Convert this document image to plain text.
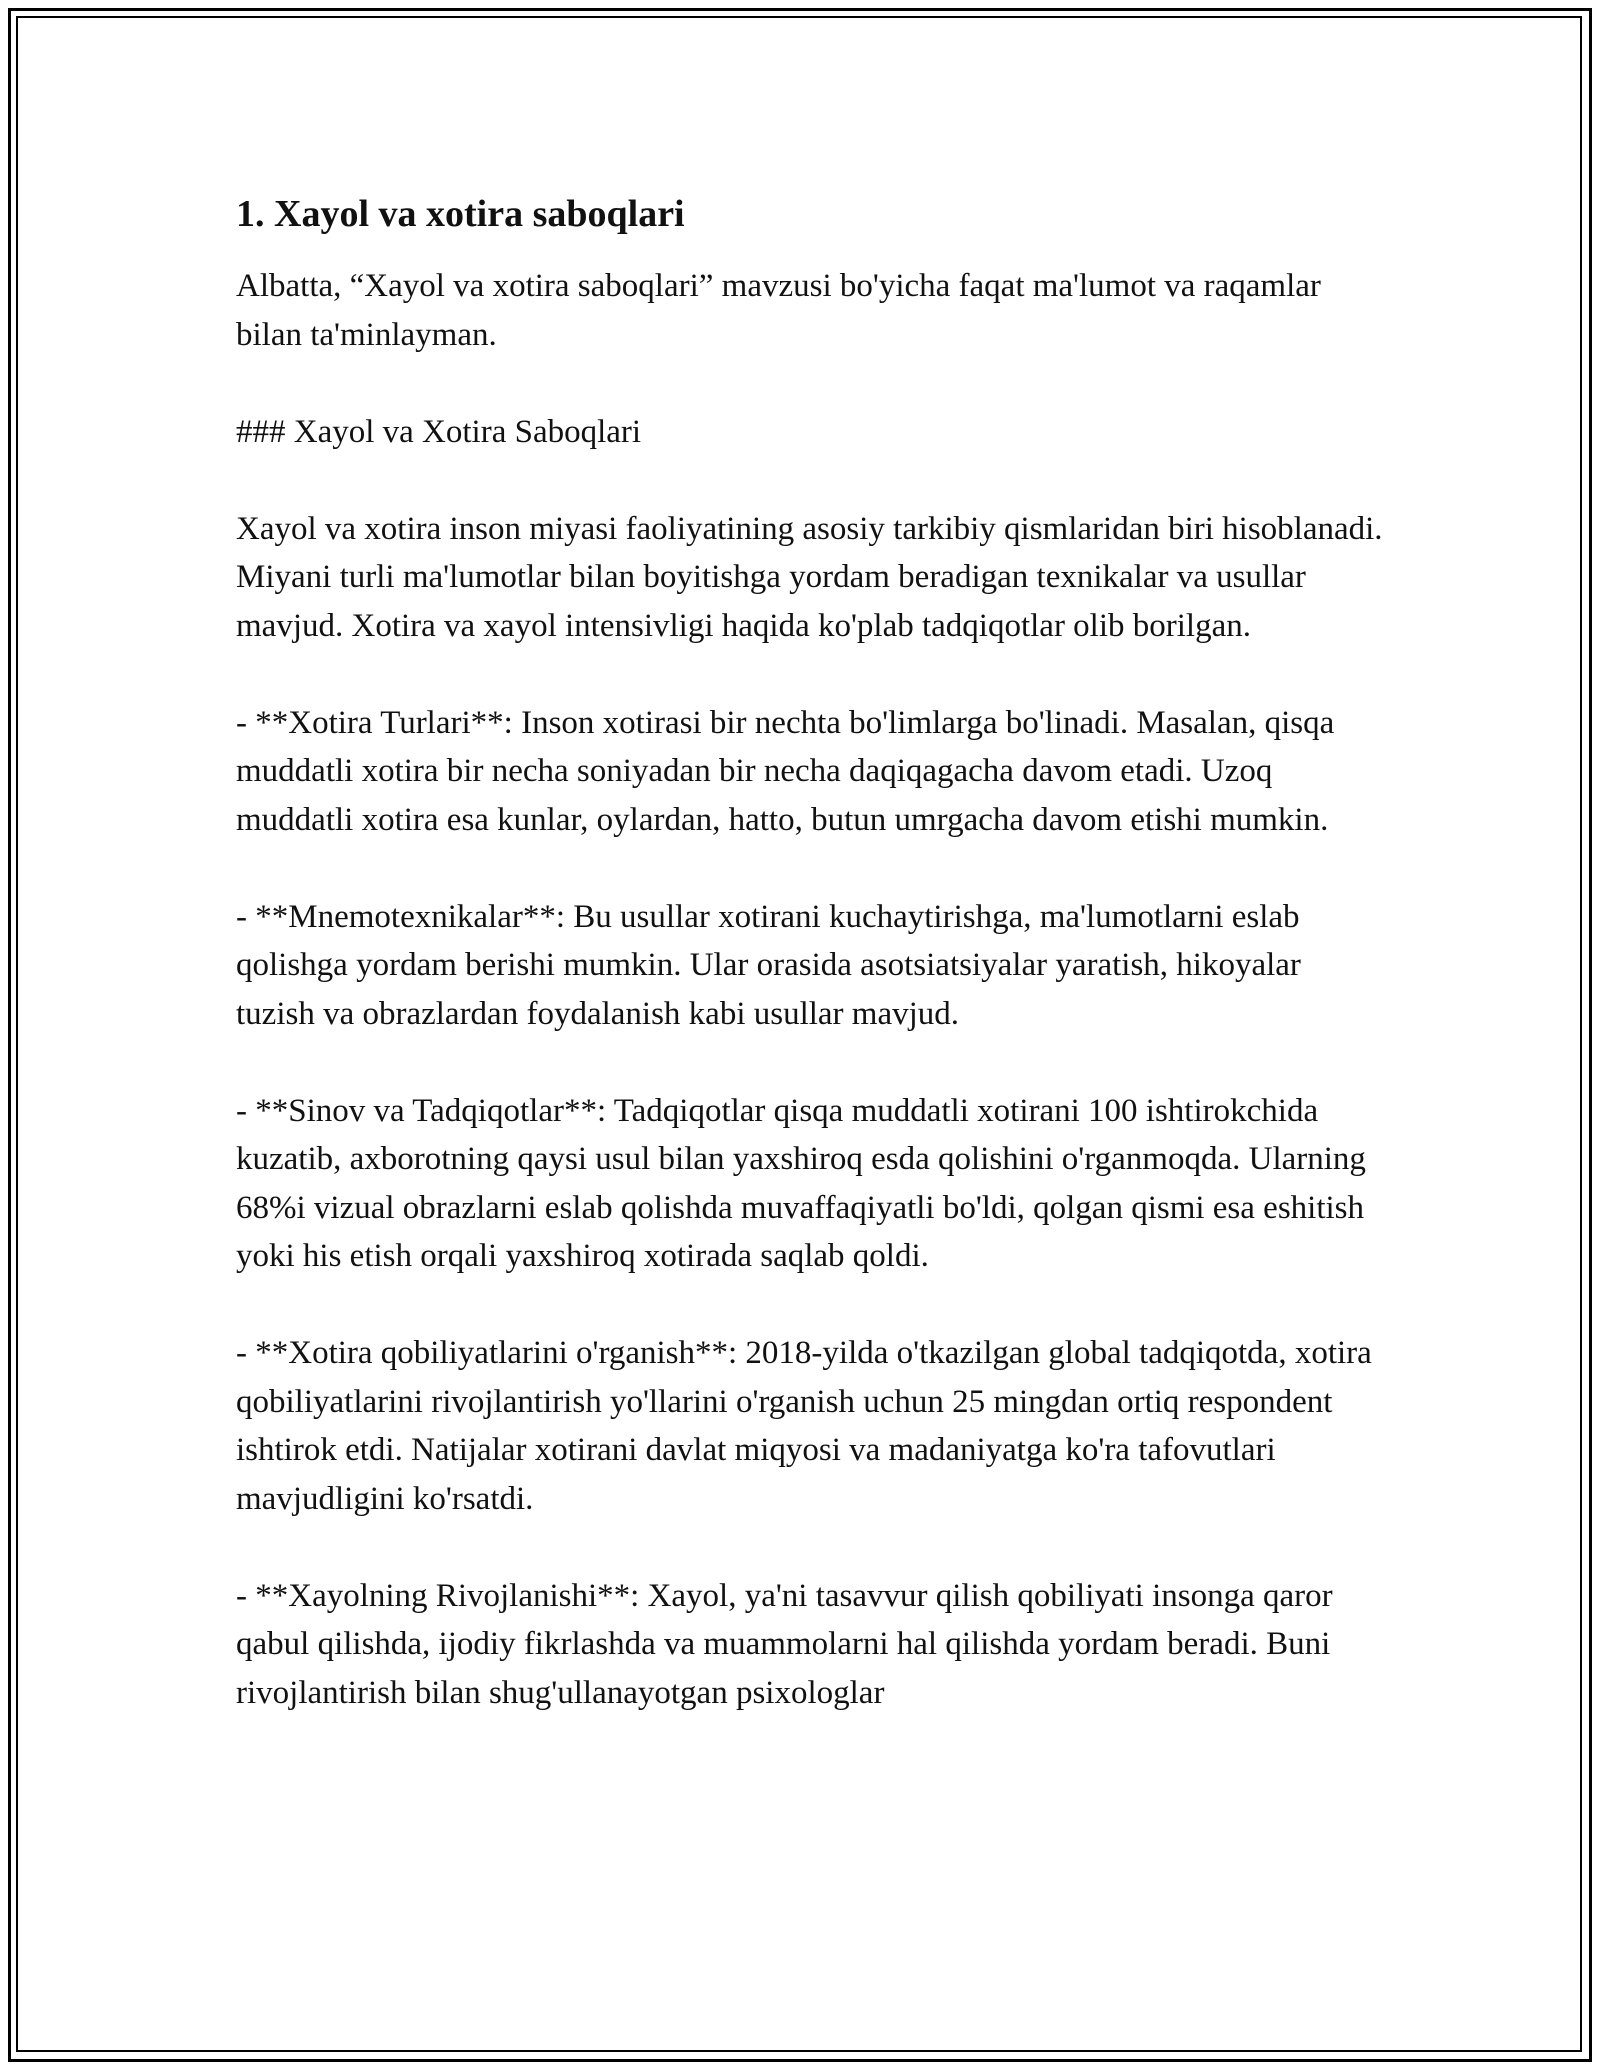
1. Xayol va xotira saboqlari

Albatta, “Xayol va xotira saboqlari” mavzusi bo'yicha faqat ma'lumot va raqamlar bilan ta'minlayman.

### Xayol va Xotira Saboqlari

Xayol va xotira inson miyasi faoliyatining asosiy tarkibiy qismlaridan biri hisoblanadi. Miyani turli ma'lumotlar bilan boyitishga yordam beradigan texnikalar va usullar mavjud. Xotira va xayol intensivligi haqida ko'plab tadqiqotlar olib borilgan.

- **Xotira Turlari**: Inson xotirasi bir nechta bo'limlarga bo'linadi. Masalan, qisqa muddatli xotira bir necha soniyadan bir necha daqiqagacha davom etadi. Uzoq muddatli xotira esa kunlar, oylardan, hatto, butun umrgacha davom etishi mumkin.

- **Mnemotexnikalar**: Bu usullar xotirani kuchaytirishga, ma'lumotlarni eslab qolishga yordam berishi mumkin. Ular orasida asotsiatsiyalar yaratish, hikoyalar tuzish va obrazlardan foydalanish kabi usullar mavjud.

- **Sinov va Tadqiqotlar**: Tadqiqotlar qisqa muddatli xotirani 100 ishtirokchida kuzatib, axborotning qaysi usul bilan yaxshiroq esda qolishini o'rganmoqda. Ularning 68%i vizual obrazlarni eslab qolishda muvaffaqiyatli bo'ldi, qolgan qismi esa eshitish yoki his etish orqali yaxshiroq xotirada saqlab qoldi.

- **Xotira qobiliyatlarini o'rganish**: 2018-yilda o'tkazilgan global tadqiqotda, xotira qobiliyatlarini rivojlantirish yo'llarini o'rganish uchun 25 mingdan ortiq respondent ishtirok etdi. Natijalar xotirani davlat miqyosi va madaniyatga ko'ra tafovutlari mavjudligini ko'rsatdi.

- **Xayolning Rivojlanishi**: Xayol, ya'ni tasavvur qilish qobiliyati insonga qaror qabul qilishda, ijodiy fikrlashda va muammolarni hal qilishda yordam beradi. Buni rivojlantirish bilan shug'ullanayotgan psixologlar
